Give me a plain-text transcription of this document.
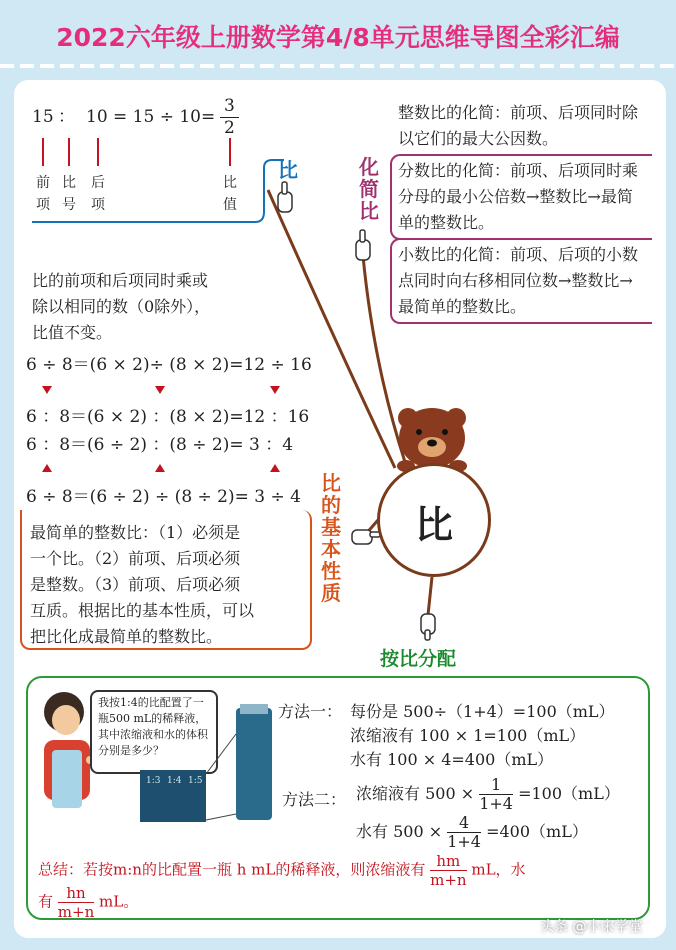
2022六年级上册数学第4/8单元思维导图全彩汇编
比
15 ： $10 = 15 \div 10= \frac{3}{2}$
前
项
比
号
后
项
比
值
比	化
简
比
整数比的化简：前项、后项同时除以它们的最大公因数。
分数比的化简：前项、后项同时乘分母的最小公倍数→整数比→最简单的整数比。
小数比的化简：前项、后项的小数点同时向右移相同位数→整数比→最简单的整数比。
比的前项和后项同时乘或
除以相同的数（0除外），
比值不变。
6 ÷ 8＝(6 × 2)÷ (8 × 2)=12 ÷ 16
6 ：8＝(6 × 2) ：(8 × 2)=12 ：16
6 ：8＝(6 ÷ 2) ：(8 ÷ 2)= 3 ：4
6 ÷ 8＝(6 ÷ 2) ÷ (8 ÷ 2)= 3 ÷ 4
最简单的整数比：（1）必须是
一个比。（2）前项、后项必须
是整数。（3）前项、后项必须
互质。根据比的基本性质，可以
把比化成最简单的整数比。
比
的
基
本
性
质
按比分配
我按1:4的比配置了一瓶500 mL的稀释液，其中浓缩液和水的体积分别是多少？
1:3 1:4 1:5
方法一： 每份是 500÷（1+4）=100（mL）
浓缩液有 100 × 1=100（mL）
水有 100 × 4=400（mL）
方法二： 浓缩液有 $500 \times \frac{1}{1+4} =100(mL)$
水有 $500 \times \frac{4}{1+4} =400(mL)$
总结：若按m:n的比配置一瓶 h mL的稀释液，则浓缩液有 $\frac{hm}{m+n}$ mL，水
有 $\frac{hn}{m+n}$ mL。
头条 @小宋学堂
